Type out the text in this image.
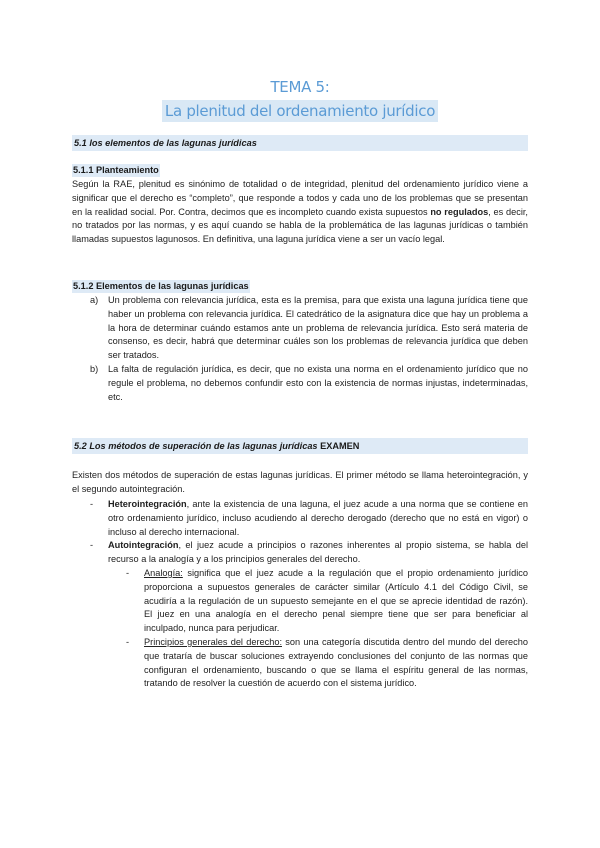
TEMA 5:
La plenitud del ordenamiento jurídico
5.1 los elementos de las lagunas jurídicas
5.1.1 Planteamiento
Según la RAE, plenitud es sinónimo de totalidad o de integridad, plenitud del ordenamiento jurídico viene a significar que el derecho es “completo”, que responde a todos y cada uno de los problemas que se presentan en la realidad social. Por. Contra, decimos que es incompleto cuando exista supuestos no regulados, es decir, no tratados por las normas, y es aquí cuando se habla de la problemática de las lagunas jurídicas o también llamadas supuestos lagunosos. En definitiva, una laguna jurídica viene a ser un vacío legal.
5.1.2 Elementos de las lagunas jurídicas
a) Un problema con relevancia jurídica, esta es la premisa, para que exista una laguna jurídica tiene que haber un problema con relevancia jurídica. El catedrático de la asignatura dice que hay un problema a la hora de determinar cuándo estamos ante un problema de relevancia jurídica. Esto será materia de consenso, es decir, habrá que determinar cuáles son los problemas de relevancia jurídica que deben ser tratados.
b) La falta de regulación jurídica, es decir, que no exista una norma en el ordenamiento jurídico que no regule el problema, no debemos confundir esto con la existencia de normas injustas, indeterminadas, etc.
5.2 Los métodos de superación de las lagunas jurídicas EXAMEN
Existen dos métodos de superación de estas lagunas jurídicas. El primer método se llama heterointegración, y el segundo autointegración.
- Heterointegración, ante la existencia de una laguna, el juez acude a una norma que se contiene en otro ordenamiento jurídico, incluso acudiendo al derecho derogado (derecho que no está en vigor) o incluso al derecho internacional.
- Autointegración, el juez acude a principios o razones inherentes al propio sistema, se habla del recurso a la analogía y a los principios generales del derecho.
- Analogía: significa que el juez acude a la regulación que el propio ordenamiento jurídico proporciona a supuestos generales de carácter similar (Artículo 4.1 del Código Civil, se acudiría a la regulación de un supuesto semejante en el que se aprecie identidad de razón). El juez en una analogía en el derecho penal siempre tiene que ser para beneficiar al inculpado, nunca para perjudicar.
- Principios generales del derecho: son una categoría discutida dentro del mundo del derecho que trataría de buscar soluciones extrayendo conclusiones del conjunto de las normas que configuran el ordenamiento, buscando o que se llama el espíritu general de las normas, tratando de resolver la cuestión de acuerdo con el sistema jurídico.
